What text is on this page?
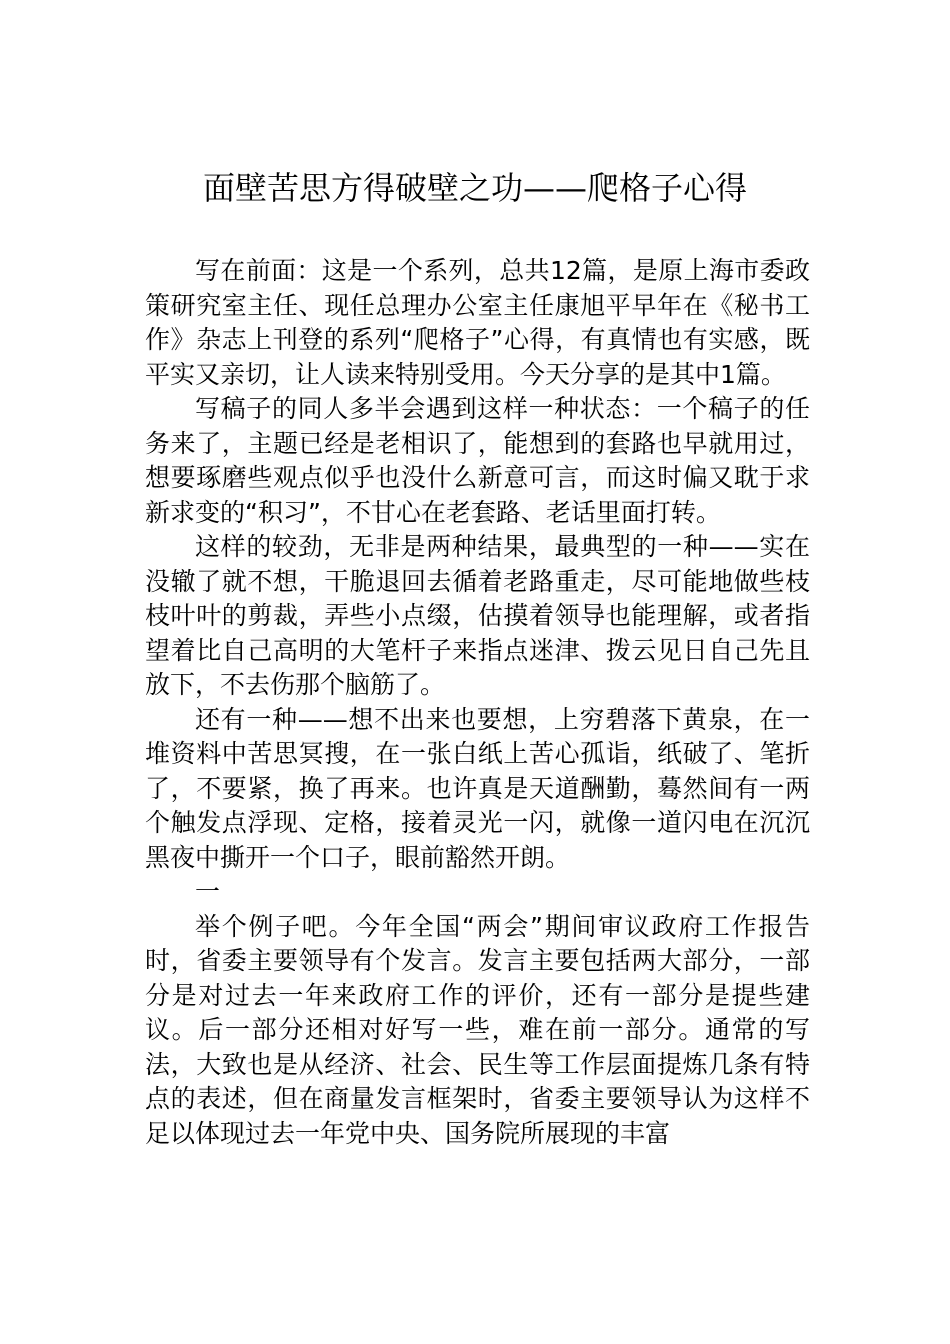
面壁苦思方得破壁之功——爬格子心得

写在前面：这是一个系列，总共12篇，是原上海市委政策研究室主任、现任总理办公室主任康旭平早年在《秘书工作》杂志上刊登的系列“爬格子”心得，有真情也有实感，既平实又亲切，让人读来特别受用。今天分享的是其中1篇。

写稿子的同人多半会遇到这样一种状态：一个稿子的任务来了，主题已经是老相识了，能想到的套路也早就用过，想要琢磨些观点似乎也没什么新意可言，而这时偏又耽于求新求变的“积习”，不甘心在老套路、老话里面打转。

这样的较劲，无非是两种结果，最典型的一种——实在没辙了就不想，干脆退回去循着老路重走，尽可能地做些枝枝叶叶的剪裁，弄些小点缀，估摸着领导也能理解，或者指望着比自己高明的大笔杆子来指点迷津、拨云见日自己先且放下，不去伤那个脑筋了。

还有一种——想不出来也要想，上穷碧落下黄泉，在一堆资料中苦思冥搜，在一张白纸上苦心孤诣，纸破了、笔折了，不要紧，换了再来。也许真是天道酬勤，蓦然间有一两个触发点浮现、定格，接着灵光一闪，就像一道闪电在沉沉黑夜中撕开一个口子，眼前豁然开朗。

一

举个例子吧。今年全国“两会”期间审议政府工作报告时，省委主要领导有个发言。发言主要包括两大部分，一部分是对过去一年来政府工作的评价，还有一部分是提些建议。后一部分还相对好写一些，难在前一部分。通常的写法，大致也是从经济、社会、民生等工作层面提炼几条有特点的表述，但在商量发言框架时，省委主要领导认为这样不足以体现过去一年党中央、国务院所展现的丰富
